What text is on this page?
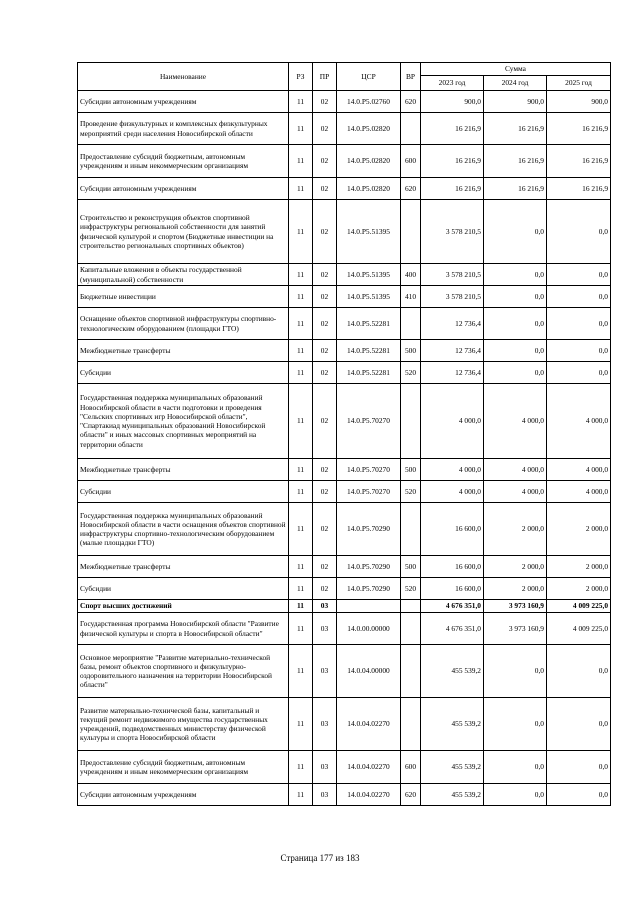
Наименование	РЗ	ПР	ЦСР	ВР	Сумма		
					2023 год	2024 год	2025 год
Субсидии автономным учреждениям	11	02	14.0.P5.02760	620	900,0	900,0	900,0
Проведение физкультурных и комплексных физкультурных мероприятий среди населения Новосибирской области	11	02	14.0.P5.02820		16 216,9	16 216,9	16 216,9
Предоставление субсидий бюджетным, автономным учреждениям и иным некоммерческим организациям	11	02	14.0.P5.02820	600	16 216,9	16 216,9	16 216,9
Субсидии автономным учреждениям	11	02	14.0.P5.02820	620	16 216,9	16 216,9	16 216,9
Строительство и реконструкция объектов спортивной инфраструктуры региональной собственности для занятий физической культурой и спортом (Бюджетные инвестиции на строительство региональных спортивных объектов)	11	02	14.0.P5.51395		3 578 210,5	0,0	0,0
Капитальные вложения в объекты государственной (муниципальной) собственности	11	02	14.0.P5.51395	400	3 578 210,5	0,0	0,0
Бюджетные инвестиции	11	02	14.0.P5.51395	410	3 578 210,5	0,0	0,0
Оснащение объектов спортивной инфраструктуры спортивно-технологическим оборудованием (площадки ГТО)	11	02	14.0.P5.52281		12 736,4	0,0	0,0
Межбюджетные трансферты	11	02	14.0.P5.52281	500	12 736,4	0,0	0,0
Субсидии	11	02	14.0.P5.52281	520	12 736,4	0,0	0,0
Государственная поддержка муниципальных образований Новосибирской области в части подготовки и проведения "Сельских спортивных игр Новосибирской области", "Спартакиад муниципальных образований Новосибирской области" и иных массовых спортивных мероприятий на территории области	11	02	14.0.P5.70270		4 000,0	4 000,0	4 000,0
Межбюджетные трансферты	11	02	14.0.P5.70270	500	4 000,0	4 000,0	4 000,0
Субсидии	11	02	14.0.P5.70270	520	4 000,0	4 000,0	4 000,0
Государственная поддержка муниципальных образований Новосибирской области в части оснащения объектов спортивной инфраструктуры спортивно-технологическим оборудованием (малые площадки ГТО)	11	02	14.0.P5.70290		16 600,0	2 000,0	2 000,0
Межбюджетные трансферты	11	02	14.0.P5.70290	500	16 600,0	2 000,0	2 000,0
Субсидии	11	02	14.0.P5.70290	520	16 600,0	2 000,0	2 000,0
Спорт высших достижений	11	03			4 676 351,0	3 973 160,9	4 009 225,0
Государственная программа Новосибирской области "Развитие физической культуры и спорта в Новосибирской области"	11	03	14.0.00.00000		4 676 351,0	3 973 160,9	4 009 225,0
Основное мероприятие "Развитие материально-технической базы, ремонт объектов спортивного и физкультурно-оздоровительного назначения на территории Новосибирской области"	11	03	14.0.04.00000		455 539,2	0,0	0,0
Развитие материально-технической базы, капитальный и текущий ремонт недвижимого имущества государственных учреждений, подведомственных министерству физической культуры и спорта Новосибирской области	11	03	14.0.04.02270		455 539,2	0,0	0,0
Предоставление субсидий бюджетным, автономным учреждениям и иным некоммерческим организациям	11	03	14.0.04.02270	600	455 539,2	0,0	0,0
Субсидии автономным учреждениям	11	03	14.0.04.02270	620	455 539,2	0,0	0,0
Страница 177 из 183
